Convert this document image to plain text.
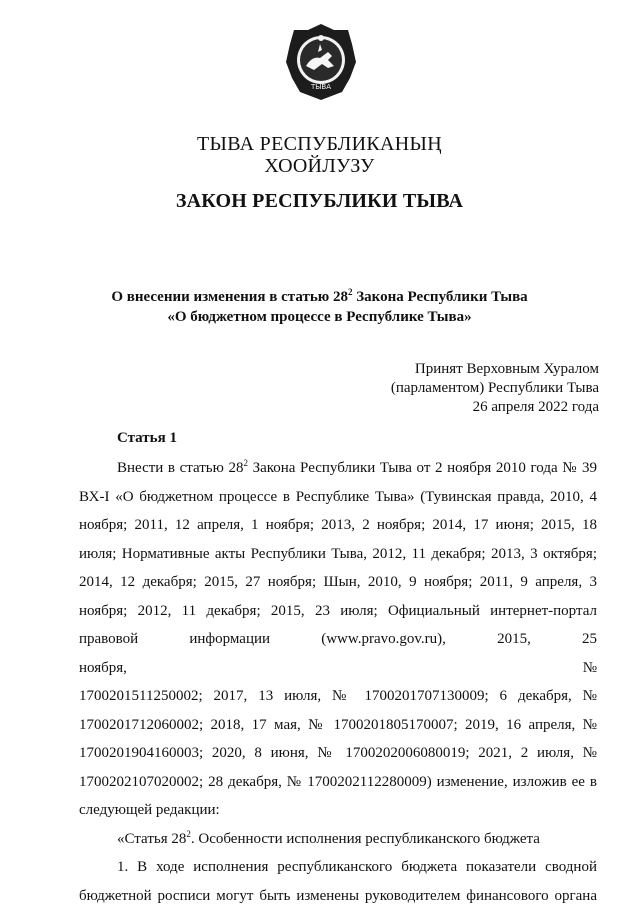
ТЫВА
ТЫВА РЕСПУБЛИКАНЫҢ
ХООЙЛУЗУ
ЗАКОН РЕСПУБЛИКИ ТЫВА
О внесении изменения в статью $28^2$ Закона Республики Тыва
«О бюджетном процессе в Республике Тыва»
Принят Верховным Хуралом
(парламентом) Республики Тыва
26 апреля 2022 года
Статья 1
Внести в статью $28^2$ Закона Республики Тыва от 2 ноября 2010 года № 39
ВХ-I «О бюджетном процессе в Республике Тыва» (Тувинская правда, 2010, 4
ноября; 2011, 12 апреля, 1 ноября; 2013, 2 ноября; 2014, 17 июня; 2015, 18
июля; Нормативные акты Республики Тыва, 2012, 11 декабря; 2013, 3 октября;
2014, 12 декабря; 2015, 27 ноября; Шын, 2010, 9 ноября; 2011, 9 апреля, 3
ноября; 2012, 11 декабря; 2015, 23 июля; Официальный интернет-портал
правовой информации (www.pravo.gov.ru), 2015, 25 ноября, №
1700201511250002; 2017, 13 июля, № 1700201707130009; 6 декабря, №
1700201712060002; 2018, 17 мая, № 1700201805170007; 2019, 16 апреля, №
1700201904160003; 2020, 8 июня, № 1700202006080019; 2021, 2 июля, №
1700202107020002; 28 декабря, № 1700202112280009) изменение, изложив ее в
следующей редакции:
«Статья $28^2$. Особенности исполнения республиканского бюджета
1. В ходе исполнения республиканского бюджета показатели сводной
бюджетной росписи могут быть изменены руководителем финансового органа
